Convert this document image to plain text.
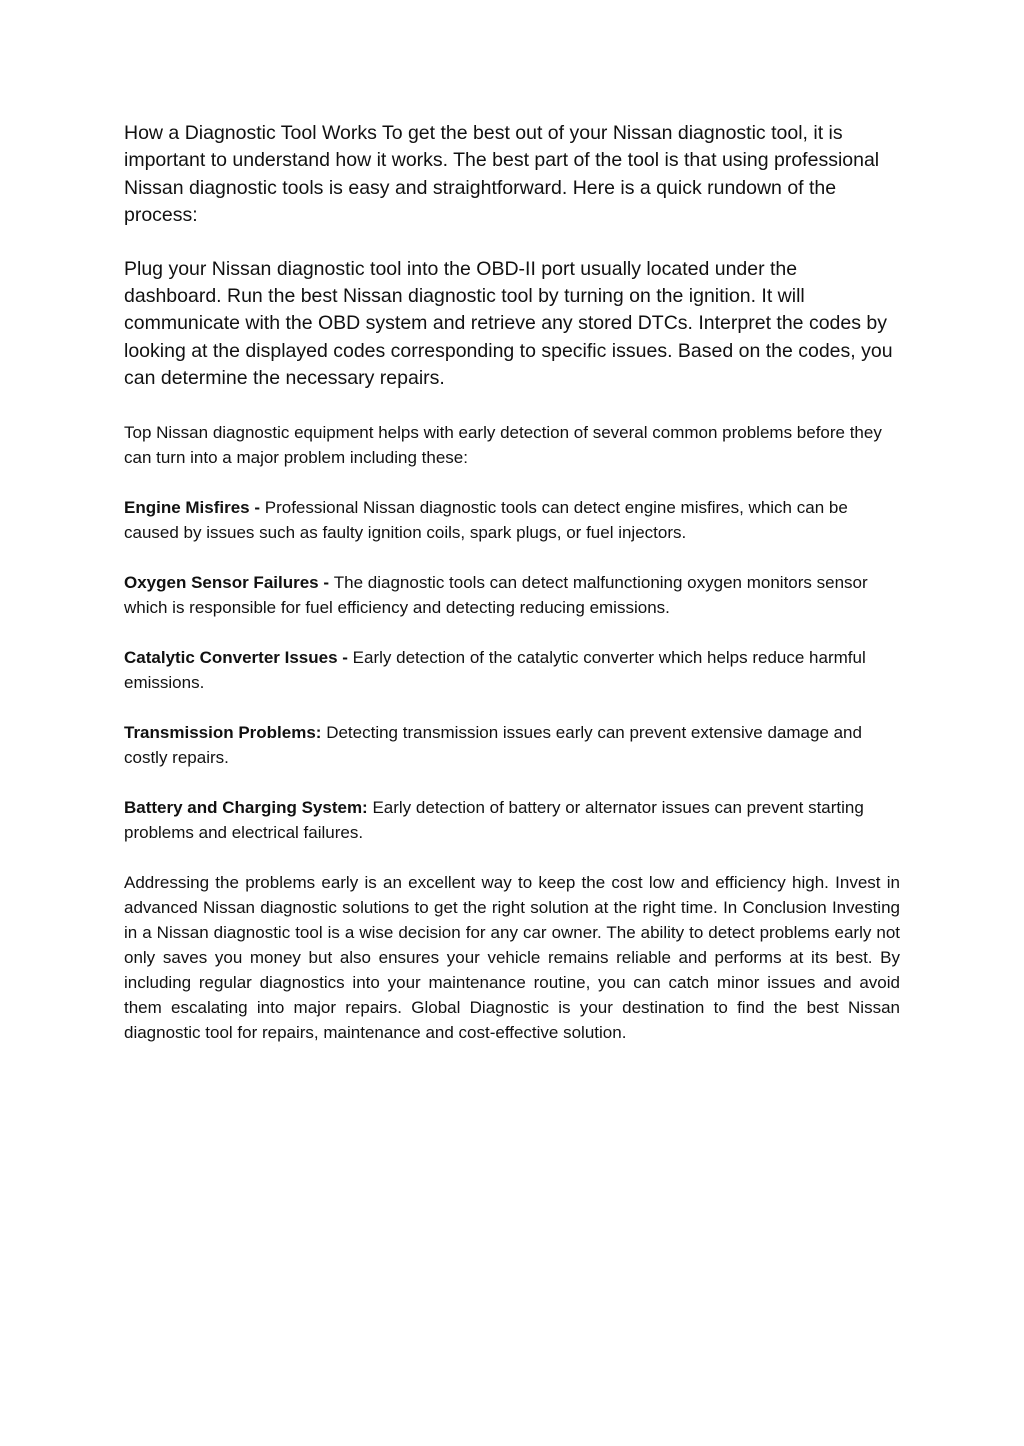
How a Diagnostic Tool Works To get the best out of your Nissan diagnostic tool, it is important to understand how it works. The best part of the tool is that using professional Nissan diagnostic tools is easy and straightforward. Here is a quick rundown of the process:

Plug your Nissan diagnostic tool into the OBD-II port usually located under the dashboard. Run the best Nissan diagnostic tool by turning on the ignition. It will communicate with the OBD system and retrieve any stored DTCs. Interpret the codes by looking at the displayed codes corresponding to specific issues. Based on the codes, you can determine the necessary repairs.

Top Nissan diagnostic equipment helps with early detection of several common problems before they can turn into a major problem including these:

Engine Misfires - Professional Nissan diagnostic tools can detect engine misfires, which can be caused by issues such as faulty ignition coils, spark plugs, or fuel injectors.

Oxygen Sensor Failures - The diagnostic tools can detect malfunctioning oxygen monitors sensor which is responsible for fuel efficiency and detecting reducing emissions.

Catalytic Converter Issues - Early detection of the catalytic converter which helps reduce harmful emissions.

Transmission Problems: Detecting transmission issues early can prevent extensive damage and costly repairs.

Battery and Charging System: Early detection of battery or alternator issues can prevent starting problems and electrical failures.

Addressing the problems early is an excellent way to keep the cost low and efficiency high. Invest in advanced Nissan diagnostic solutions to get the right solution at the right time. In Conclusion Investing in a Nissan diagnostic tool is a wise decision for any car owner. The ability to detect problems early not only saves you money but also ensures your vehicle remains reliable and performs at its best. By including regular diagnostics into your maintenance routine, you can catch minor issues and avoid them escalating into major repairs. Global Diagnostic is your destination to find the best Nissan diagnostic tool for repairs, maintenance and cost-effective solution.
